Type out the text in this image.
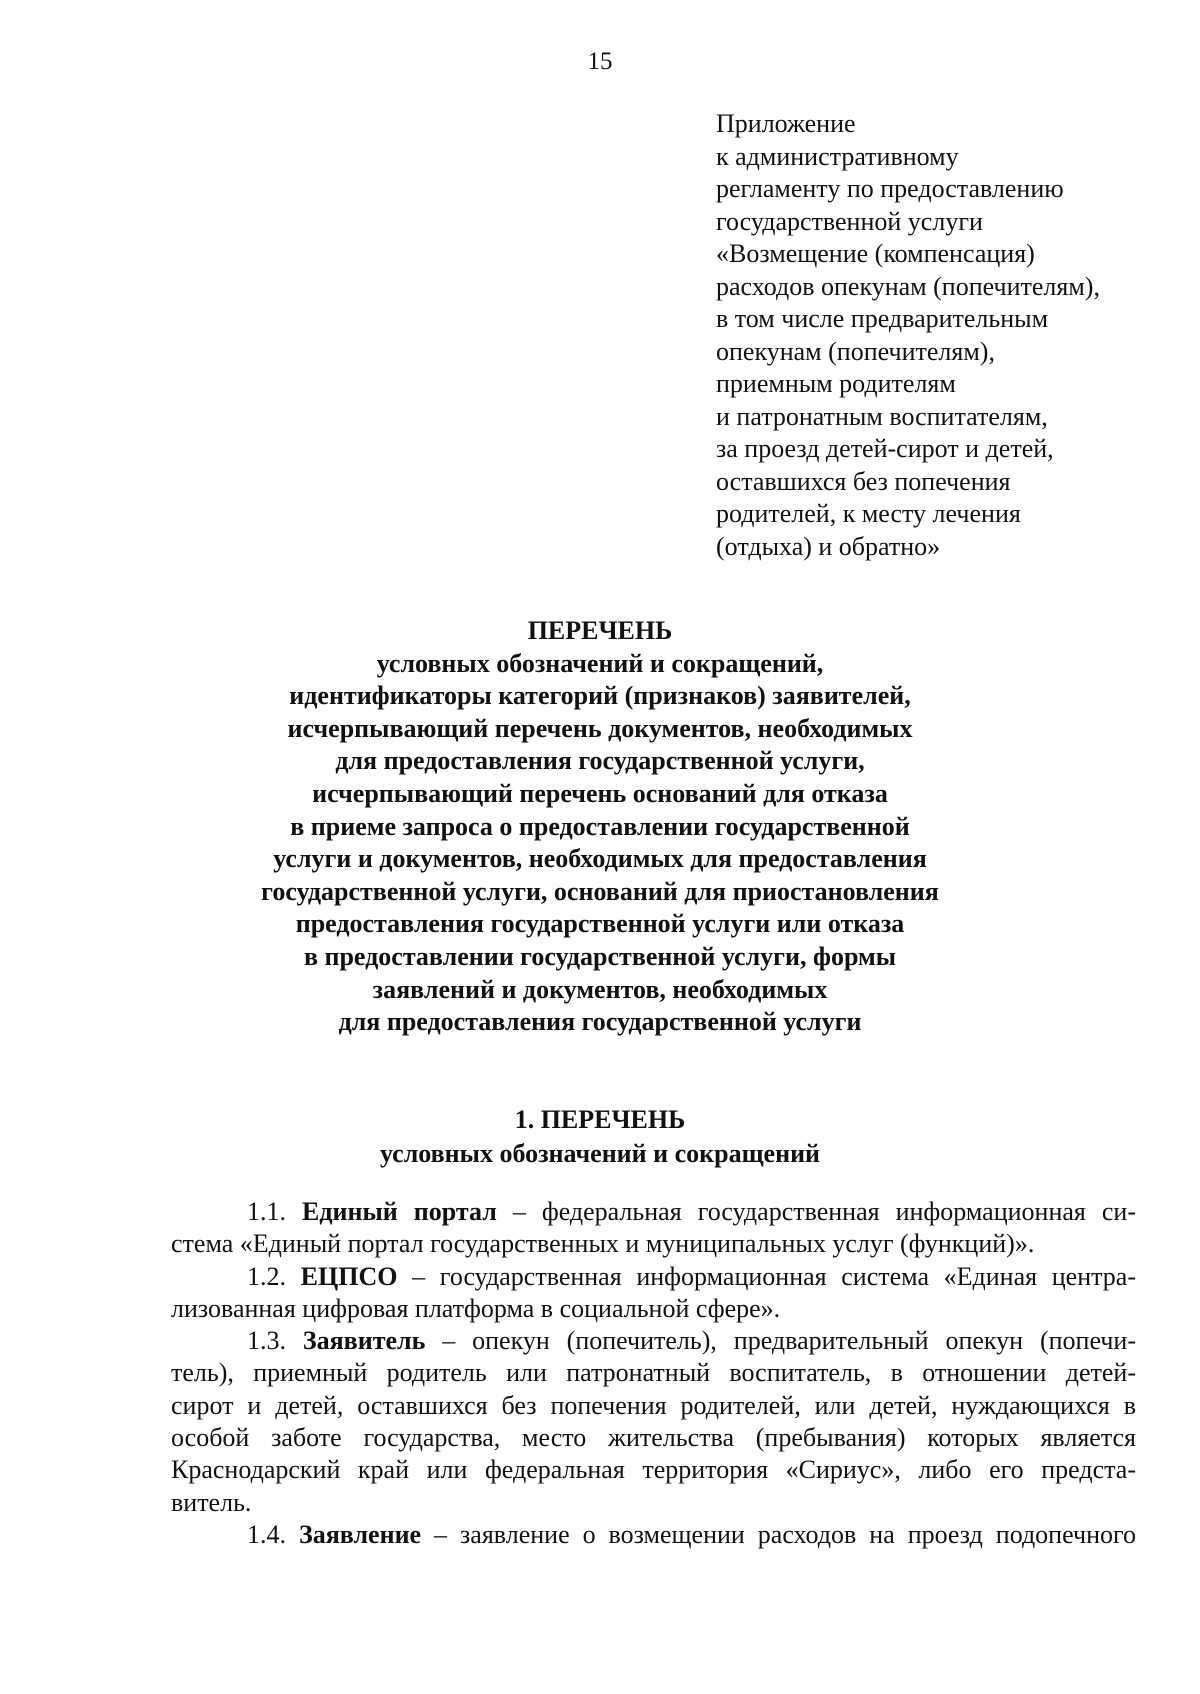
15
Приложение
к административному
регламенту по предоставлению
государственной услуги
«Возмещение (компенсация)
расходов опекунам (попечителям),
в том числе предварительным
опекунам (попечителям),
приемным родителям
и патронатным воспитателям,
за проезд детей-сирот и детей,
оставшихся без попечения
родителей, к месту лечения
(отдыха) и обратно»
ПЕРЕЧЕНЬ
условных обозначений и сокращений,
идентификаторы категорий (признаков) заявителей,
исчерпывающий перечень документов, необходимых
для предоставления государственной услуги,
исчерпывающий перечень оснований для отказа
в приеме запроса о предоставлении государственной
услуги и документов, необходимых для предоставления
государственной услуги, оснований для приостановления
предоставления государственной услуги или отказа
в предоставлении государственной услуги, формы
заявлений и документов, необходимых
для предоставления государственной услуги
1. ПЕРЕЧЕНЬ
условных обозначений и сокращений
1.1. Единый портал – федеральная государственная информационная си-
стема «Единый портал государственных и муниципальных услуг (функций)».
1.2. ЕЦПСО – государственная информационная система «Единая центра-
лизованная цифровая платформа в социальной сфере».
1.3. Заявитель – опекун (попечитель), предварительный опекун (попечи-
тель), приемный родитель или патронатный воспитатель, в отношении детей-
сирот и детей, оставшихся без попечения родителей, или детей, нуждающихся в
особой заботе государства, место жительства (пребывания) которых является
Краснодарский край или федеральная территория «Сириус», либо его предста-
витель.
1.4. Заявление – заявление о возмещении расходов на проезд подопечного
